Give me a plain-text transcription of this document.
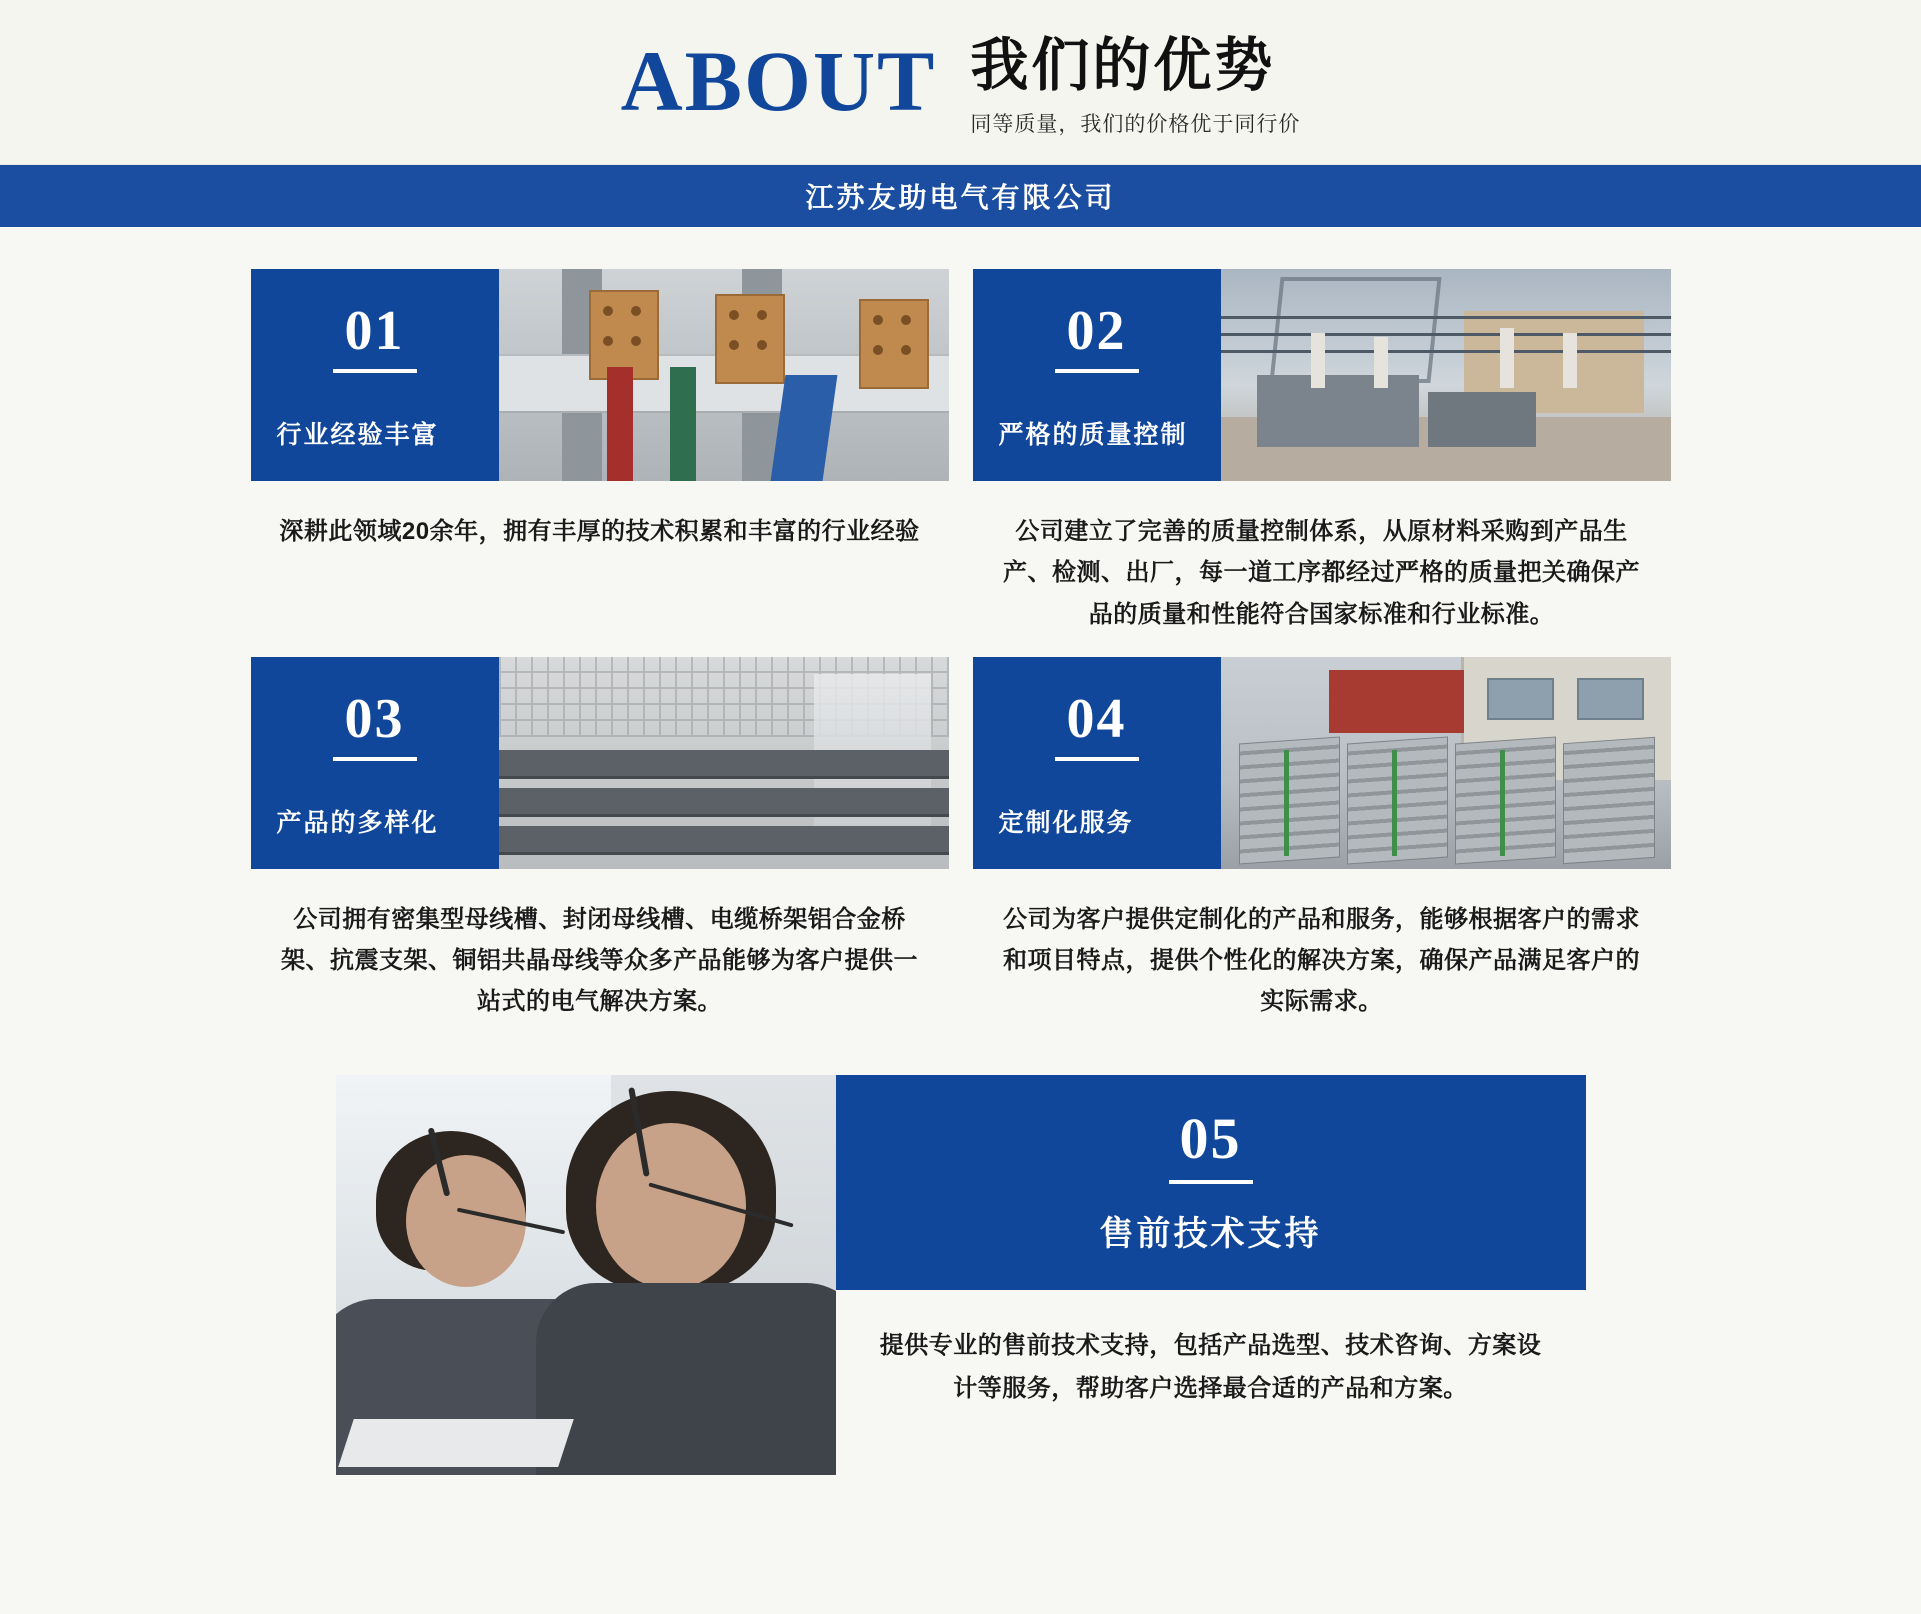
ABOUT 我们的优势
同等质量，我们的价格优于同行价
江苏友助电气有限公司
01
行业经验丰富
深耕此领域20余年，拥有丰厚的技术积累和丰富的行业经验
02
严格的质量控制
公司建立了完善的质量控制体系，从原材料采购到产品生产、检测、出厂，每一道工序都经过严格的质量把关确保产品的质量和性能符合国家标准和行业标准。
03
产品的多样化
公司拥有密集型母线槽、封闭母线槽、电缆桥架铝合金桥架、抗震支架、铜铝共晶母线等众多产品能够为客户提供一站式的电气解决方案。
04
定制化服务
公司为客户提供定制化的产品和服务，能够根据客户的需求和项目特点，提供个性化的解决方案，确保产品满足客户的实际需求。
05
售前技术支持
提供专业的售前技术支持，包括产品选型、技术咨询、方案设计等服务，帮助客户选择最合适的产品和方案。
